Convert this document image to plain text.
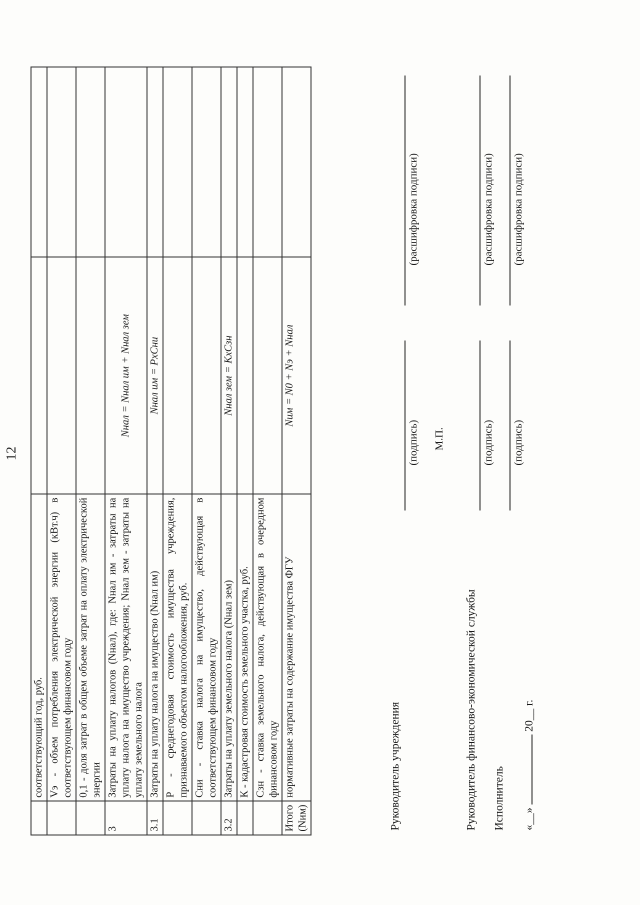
12
	соответствующий год, руб.		
	Vэ - объем потребления электрической энергии (кВт.ч) в соответствующем финансовом году		
	0,1 - доля затрат в общем объеме затрат на оплату электрической энергии		
3	Затраты на уплату налогов (Nнал), где: Nнал им - затраты на уплату налога на имущество учреждения; Nнал зем - затраты на уплату земельного налога	Nнал = Nнал им + Nнал зем	
3.1	Затраты на уплату налога на имущество (Nнал им)	Nнал им = PxCни	
	Р - среднегодовая стоимость имущества учреждения, признаваемого объектом налогообложения, руб.		
	Сни - ставка налога на имущество, действующая в соответствующем финансовом году		
3.2	Затраты на уплату земельного налога (Nнал зем)	Nнал зем = KxCзн	
	К - кадастровая стоимость земельного участка, руб.		
	Сзн - ставка земельного налога, действующая в очередном финансовом году		
Итого (Nим)	нормативные затраты на содержание имущества ФГУ	Nим = N0 + Nэ + Nнал	
Руководитель учреждения
(подпись)
(расшифровка подписи)
М.П.
Руководитель финансово-экономической службы
(подпись)
(расшифровка подписи)
Исполнитель
(подпись)
(расшифровка подписи)
«__»  20__ г.
